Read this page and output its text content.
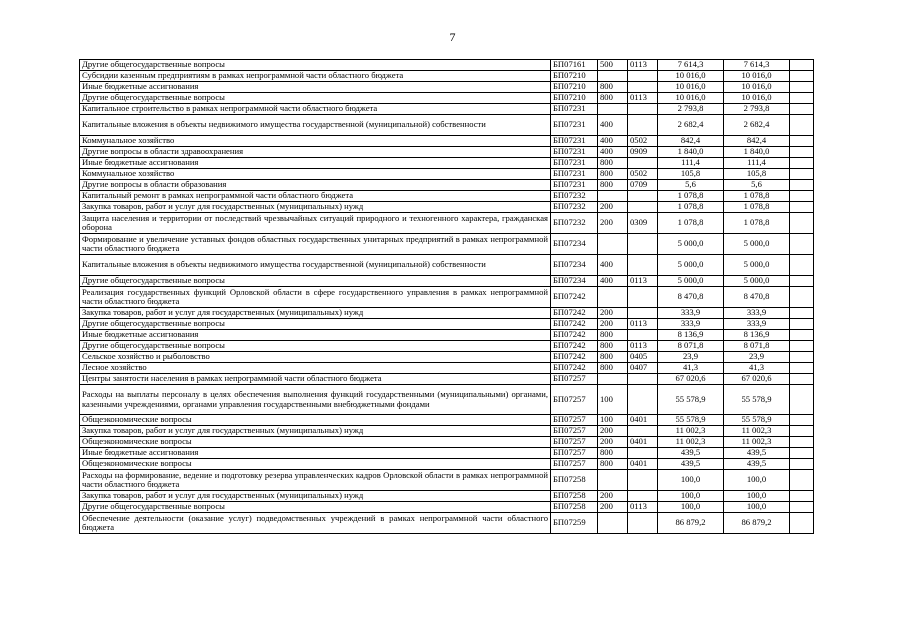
7
Другие общегосударственные вопросы	БП07161	500	0113	7 614,3	7 614,3	
Субсидии казенным предприятиям в рамках непрограммной части областного бюджета	БП07210			10 016,0	10 016,0	
Иные бюджетные ассигнования	БП07210	800		10 016,0	10 016,0	
Другие общегосударственные вопросы	БП07210	800	0113	10 016,0	10 016,0	
Капитальное строительство в рамках непрограммной части областного бюджета	БП07231			2 793,8	2 793,8	
Капитальные вложения в объекты недвижимого имущества государственной (муниципальной) собственности	БП07231	400		2 682,4	2 682,4	
Коммунальное хозяйство	БП07231	400	0502	842,4	842,4	
Другие вопросы в области здравоохранения	БП07231	400	0909	1 840,0	1 840,0	
Иные бюджетные ассигнования	БП07231	800		111,4	111,4	
Коммунальное хозяйство	БП07231	800	0502	105,8	105,8	
Другие вопросы в области образования	БП07231	800	0709	5,6	5,6	
Капитальный ремонт в рамках непрограммной части областного бюджета	БП07232			1 078,8	1 078,8	
Закупка товаров, работ и услуг для государственных (муниципальных) нужд	БП07232	200		1 078,8	1 078,8	
Защита населения и территории от последствий чрезвычайных ситуаций природного и техногенного характера, гражданская оборона	БП07232	200	0309	1 078,8	1 078,8	
Формирование и увеличение уставных фондов областных государственных унитарных предприятий в рамках непрограммной части областного бюджета	БП07234			5 000,0	5 000,0	
Капитальные вложения в объекты недвижимого имущества государственной (муниципальной) собственности	БП07234	400		5 000,0	5 000,0	
Другие общегосударственные вопросы	БП07234	400	0113	5 000,0	5 000,0	
Реализация государственных функций Орловской области в сфере государственного управления в рамках непрограммной части областного бюджета	БП07242			8 470,8	8 470,8	
Закупка товаров, работ и услуг для государственных (муниципальных) нужд	БП07242	200		333,9	333,9	
Другие общегосударственные вопросы	БП07242	200	0113	333,9	333,9	
Иные бюджетные ассигнования	БП07242	800		8 136,9	8 136,9	
Другие общегосударственные вопросы	БП07242	800	0113	8 071,8	8 071,8	
Сельское хозяйство и рыболовство	БП07242	800	0405	23,9	23,9	
Лесное хозяйство	БП07242	800	0407	41,3	41,3	
Центры занятости населения в рамках непрограммной части областного бюджета	БП07257			67 020,6	67 020,6	
Расходы на выплаты персоналу в целях обеспечения выполнения функций государственными (муниципальными) органами, казенными учреждениями, органами управления государственными внебюджетными фондами	БП07257	100		55 578,9	55 578,9	
Общеэкономические вопросы	БП07257	100	0401	55 578,9	55 578,9	
Закупка товаров, работ и услуг для государственных (муниципальных) нужд	БП07257	200		11 002,3	11 002,3	
Общеэкономические вопросы	БП07257	200	0401	11 002,3	11 002,3	
Иные бюджетные ассигнования	БП07257	800		439,5	439,5	
Общеэкономические вопросы	БП07257	800	0401	439,5	439,5	
Расходы на формирование, ведение и подготовку резерва управленческих кадров Орловской области в рамках непрограммной части областного бюджета	БП07258			100,0	100,0	
Закупка товаров, работ и услуг для государственных (муниципальных) нужд	БП07258	200		100,0	100,0	
Другие общегосударственные вопросы	БП07258	200	0113	100,0	100,0	
Обеспечение деятельности (оказание услуг) подведомственных учреждений в рамках непрограммной части областного бюджета	БП07259			86 879,2	86 879,2	
